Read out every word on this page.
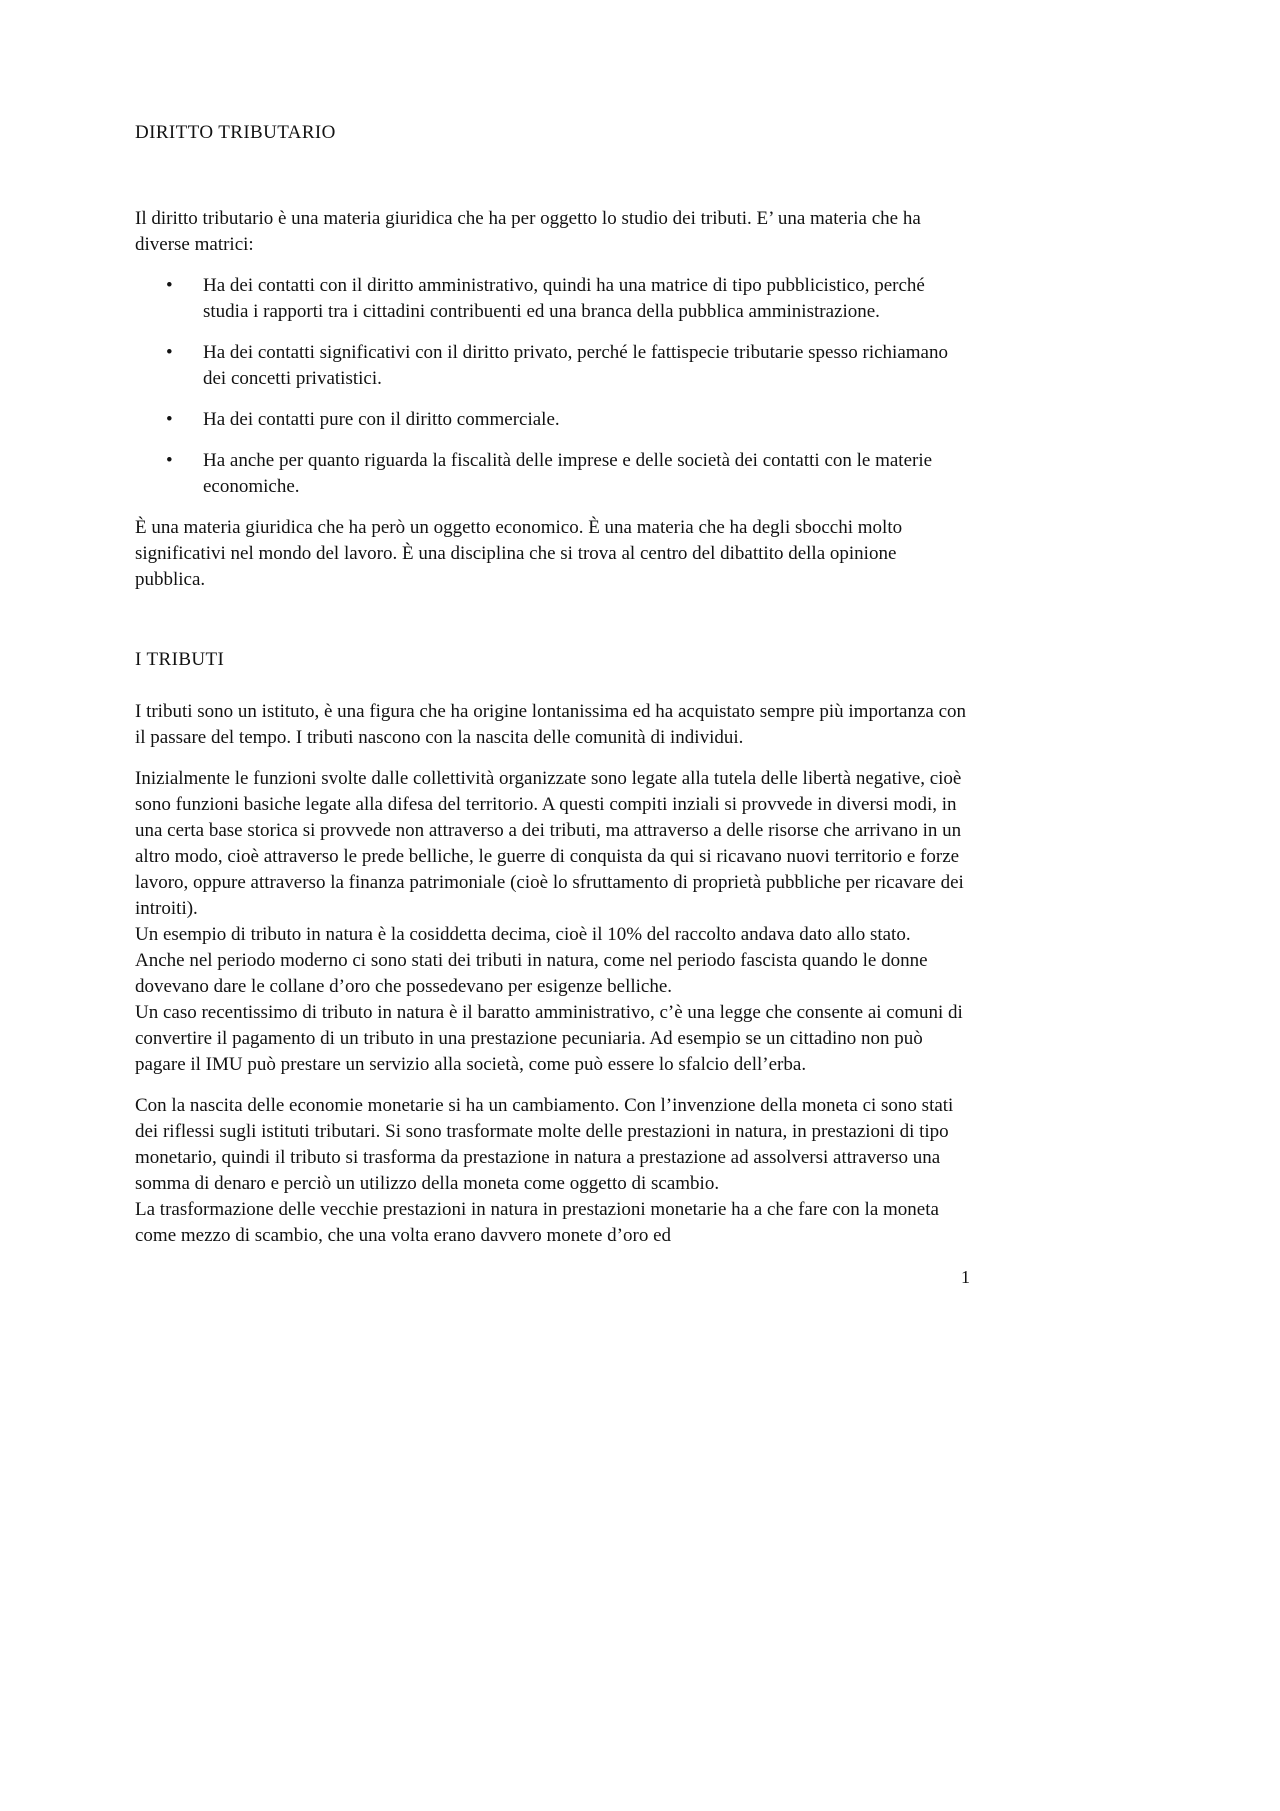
DIRITTO TRIBUTARIO

Il diritto tributario è una materia giuridica che ha per oggetto lo studio dei tributi. E’ una materia che ha diverse matrici:

• Ha dei contatti con il diritto amministrativo, quindi ha una matrice di tipo pubblicistico, perché studia i rapporti tra i cittadini contribuenti ed una branca della pubblica amministrazione.
• Ha dei contatti significativi con il diritto privato, perché le fattispecie tributarie spesso richiamano dei concetti privatistici.
• Ha dei contatti pure con il diritto commerciale.
• Ha anche per quanto riguarda la fiscalità delle imprese e delle società dei contatti con le materie economiche.

È una materia giuridica che ha però un oggetto economico. È una materia che ha degli sbocchi molto significativi nel mondo del lavoro. È una disciplina che si trova al centro del dibattito della opinione pubblica.

I TRIBUTI

I tributi sono un istituto, è una figura che ha origine lontanissima ed ha acquistato sempre più importanza con il passare del tempo. I tributi nascono con la nascita delle comunità di individui.

Inizialmente le funzioni svolte dalle collettività organizzate sono legate alla tutela delle libertà negative, cioè sono funzioni basiche legate alla difesa del territorio. A questi compiti inziali si provvede in diversi modi, in una certa base storica si provvede non attraverso a dei tributi, ma attraverso a delle risorse che arrivano in un altro modo, cioè attraverso le prede belliche, le guerre di conquista da qui si ricavano nuovi territorio e forze lavoro, oppure attraverso la finanza patrimoniale (cioè lo sfruttamento di proprietà pubbliche per ricavare dei introiti).

Un esempio di tributo in natura è la cosiddetta decima, cioè il 10% del raccolto andava dato allo stato.

Anche nel periodo moderno ci sono stati dei tributi in natura, come nel periodo fascista quando le donne dovevano dare le collane d’oro che possedevano per esigenze belliche.

Un caso recentissimo di tributo in natura è il baratto amministrativo, c’è una legge che consente ai comuni di convertire il pagamento di un tributo in una prestazione pecuniaria. Ad esempio se un cittadino non può pagare il IMU può prestare un servizio alla società, come può essere lo sfalcio dell’erba.

Con la nascita delle economie monetarie si ha un cambiamento. Con l’invenzione della moneta ci sono stati dei riflessi sugli istituti tributari. Si sono trasformate molte delle prestazioni in natura, in prestazioni di tipo monetario, quindi il tributo si trasforma da prestazione in natura a prestazione ad assolversi attraverso una somma di denaro e perciò un utilizzo della moneta come oggetto di scambio.

La trasformazione delle vecchie prestazioni in natura in prestazioni monetarie ha a che fare con la moneta come mezzo di scambio, che una volta erano davvero monete d’oro ed

1
